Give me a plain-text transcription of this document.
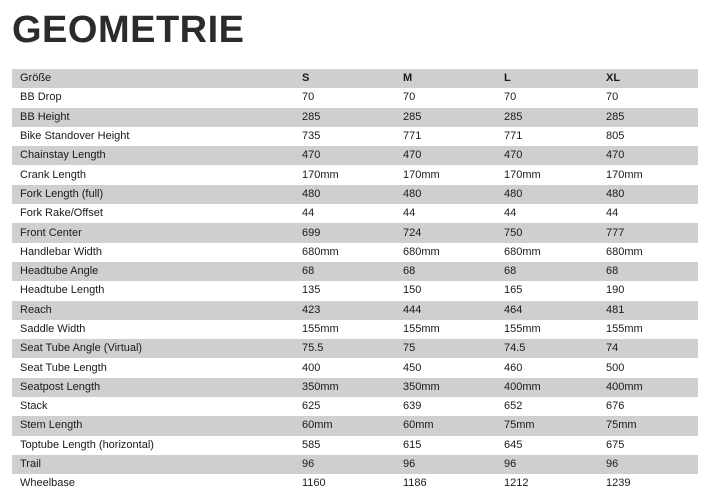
GEOMETRIE
Größe	S	M	L	XL
BB Drop	70	70	70	70
BB Height	285	285	285	285
Bike Standover Height	735	771	771	805
Chainstay Length	470	470	470	470
Crank Length	170mm	170mm	170mm	170mm
Fork Length (full)	480	480	480	480
Fork Rake/Offset	44	44	44	44
Front Center	699	724	750	777
Handlebar Width	680mm	680mm	680mm	680mm
Headtube Angle	68	68	68	68
Headtube Length	135	150	165	190
Reach	423	444	464	481
Saddle Width	155mm	155mm	155mm	155mm
Seat Tube Angle (Virtual)	75.5	75	74.5	74
Seat Tube Length	400	450	460	500
Seatpost Length	350mm	350mm	400mm	400mm
Stack	625	639	652	676
Stem Length	60mm	60mm	75mm	75mm
Toptube Length (horizontal)	585	615	645	675
Trail	96	96	96	96
Wheelbase	1160	1186	1212	1239
